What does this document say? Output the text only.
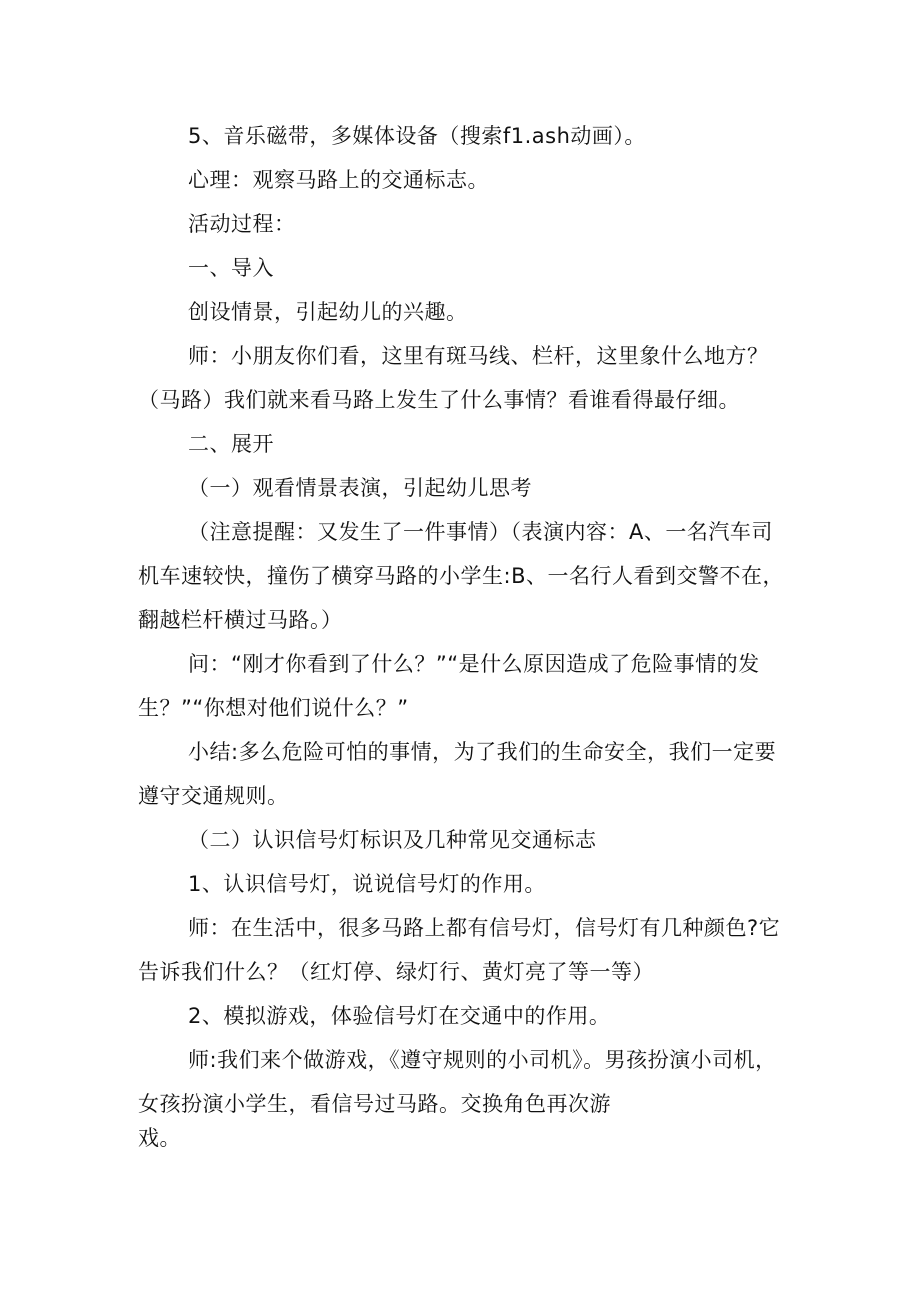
5、音乐磁带，多媒体设备（搜索f1.ash动画）。
心理：观察马路上的交通标志。
活动过程：
一、导入
创设情景，引起幼儿的兴趣。
师：小朋友你们看，这里有斑马线、栏杆，这里象什么地方？
（马路）我们就来看马路上发生了什么事情？看谁看得最仔细。
二、展开
（一）观看情景表演，引起幼儿思考
（注意提醒：又发生了一件事情）（表演内容：A、一名汽车司
机车速较快，撞伤了横穿马路的小学生:B、一名行人看到交警不在，
翻越栏杆横过马路。）
问：“刚才你看到了什么？”“是什么原因造成了危险事情的发
生？”“你想对他们说什么？”
小结:多么危险可怕的事情，为了我们的生命安全，我们一定要
遵守交通规则。
（二）认识信号灯标识及几种常见交通标志
1、认识信号灯，说说信号灯的作用。
师：在生活中，很多马路上都有信号灯，信号灯有几种颜色?它
告诉我们什么？（红灯停、绿灯行、黄灯亮了等一等）
2、模拟游戏，体验信号灯在交通中的作用。
师:我们来个做游戏，《遵守规则的小司机》。男孩扮演小司机，
女孩扮演小学生，看信号过马路。交换角色再次游
戏。
